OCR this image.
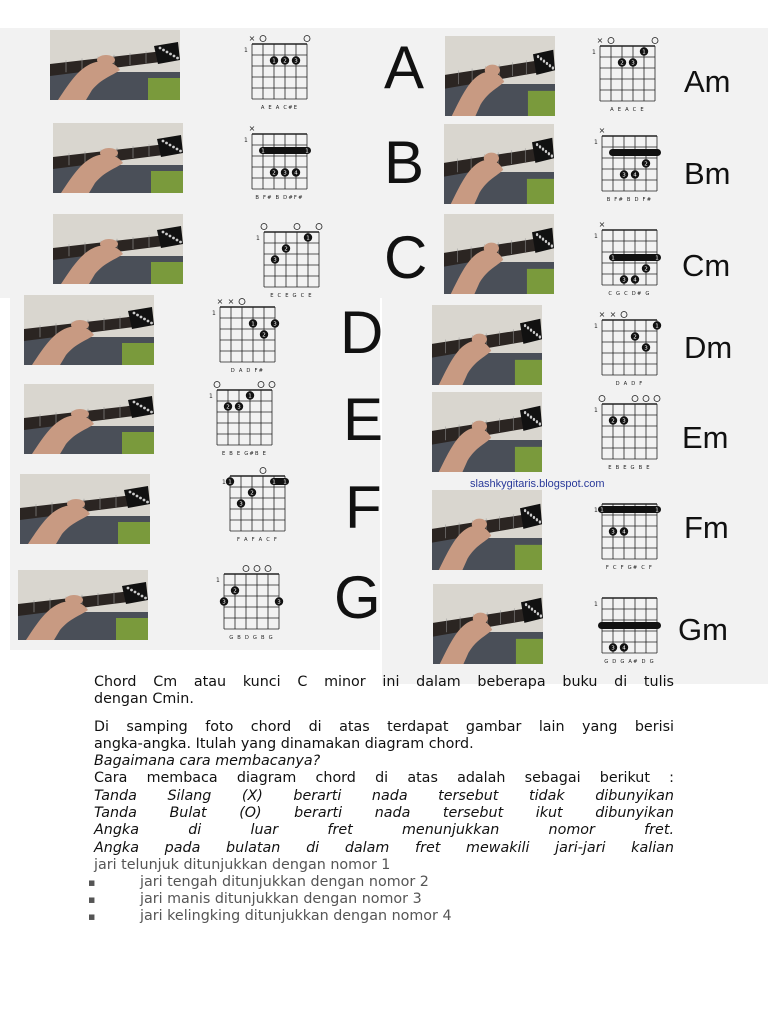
1
×
1 2 3
A E A C#E
A
1
×
1	1
2 3 4
B F# B D#F#
B
1
3
2
1
E C E G C E
C
1
× ×
1
2
3
D A D F#
D
1
2 3
1
E B E G#B E
E
1	1 1
1
3
2
F A F A C F F
1
3
2
3
G B D G B G
G
1
×
2 3
1
A E A C E
Am
1
×
3 4
2
B F# B D F#
Bm
1
×
1	1
3 4
2
C G C D# G
Cm
1
× ×
2
3
1
D A D F
Dm
1
2 3
E B E G B E
Em
1 1	1
3 4
F C F G# C F
Fm
1
3 4
G D G A# D G
Gm
slashkygitaris.blogspot.com

Chord Cm atau kunci C minor ini dalam beberapa buku di tulis

dengan Cmin.

Di samping foto chord di atas terdapat gambar lain yang berisi

angka-angka. Itulah yang dinamakan diagram chord.

Bagaimana cara membacanya?

Cara membaca diagram chord di atas adalah sebagai berikut :

Tanda Silang (X) berarti nada tersebut tidak dibunyikan

Tanda Bulat (O) berarti nada tersebut ikut dibunyikan

Angka di luar fret menunjukkan nomor fret.

Angka pada bulatan di dalam fret mewakili jari-jari kalian

jari telunjuk ditunjukkan dengan nomor 1

▪	jari tengah ditunjukkan dengan nomor 2
▪	jari manis ditunjukkan dengan nomor 3
▪	jari kelingking ditunjukkan dengan nomor 4
